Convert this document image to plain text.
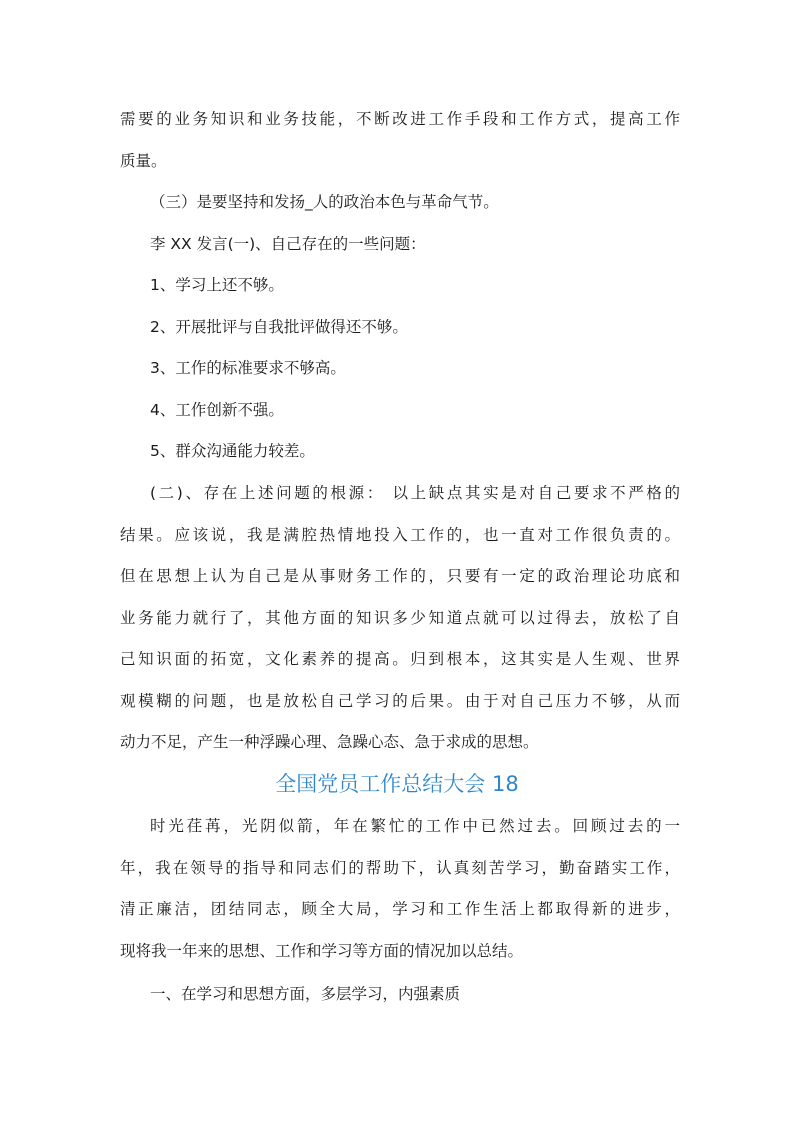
需要的业务知识和业务技能，不断改进工作手段和工作方式，提高工作
质量。
（三）是要坚持和发扬_人的政治本色与革命气节。
李 XX 发言(一)、自己存在的一些问题：
1、学习上还不够。
2、开展批评与自我批评做得还不够。
3、工作的标准要求不够高。
4、工作创新不强。
5、群众沟通能力较差。
(二)、存在上述问题的根源： 以上缺点其实是对自己要求不严格的
结果。应该说，我是满腔热情地投入工作的，也一直对工作很负责的。
但在思想上认为自己是从事财务工作的，只要有一定的政治理论功底和
业务能力就行了，其他方面的知识多少知道点就可以过得去，放松了自
己知识面的拓宽，文化素养的提高。归到根本，这其实是人生观、世界
观模糊的问题，也是放松自己学习的后果。由于对自己压力不够，从而
动力不足，产生一种浮躁心理、急躁心态、急于求成的思想。
全国党员工作总结大会 18
时光荏苒，光阴似箭，年在繁忙的工作中已然过去。回顾过去的一
年，我在领导的指导和同志们的帮助下，认真刻苦学习，勤奋踏实工作，
清正廉洁，团结同志，顾全大局，学习和工作生活上都取得新的进步，
现将我一年来的思想、工作和学习等方面的情况加以总结。
一、在学习和思想方面，多层学习，内强素质
